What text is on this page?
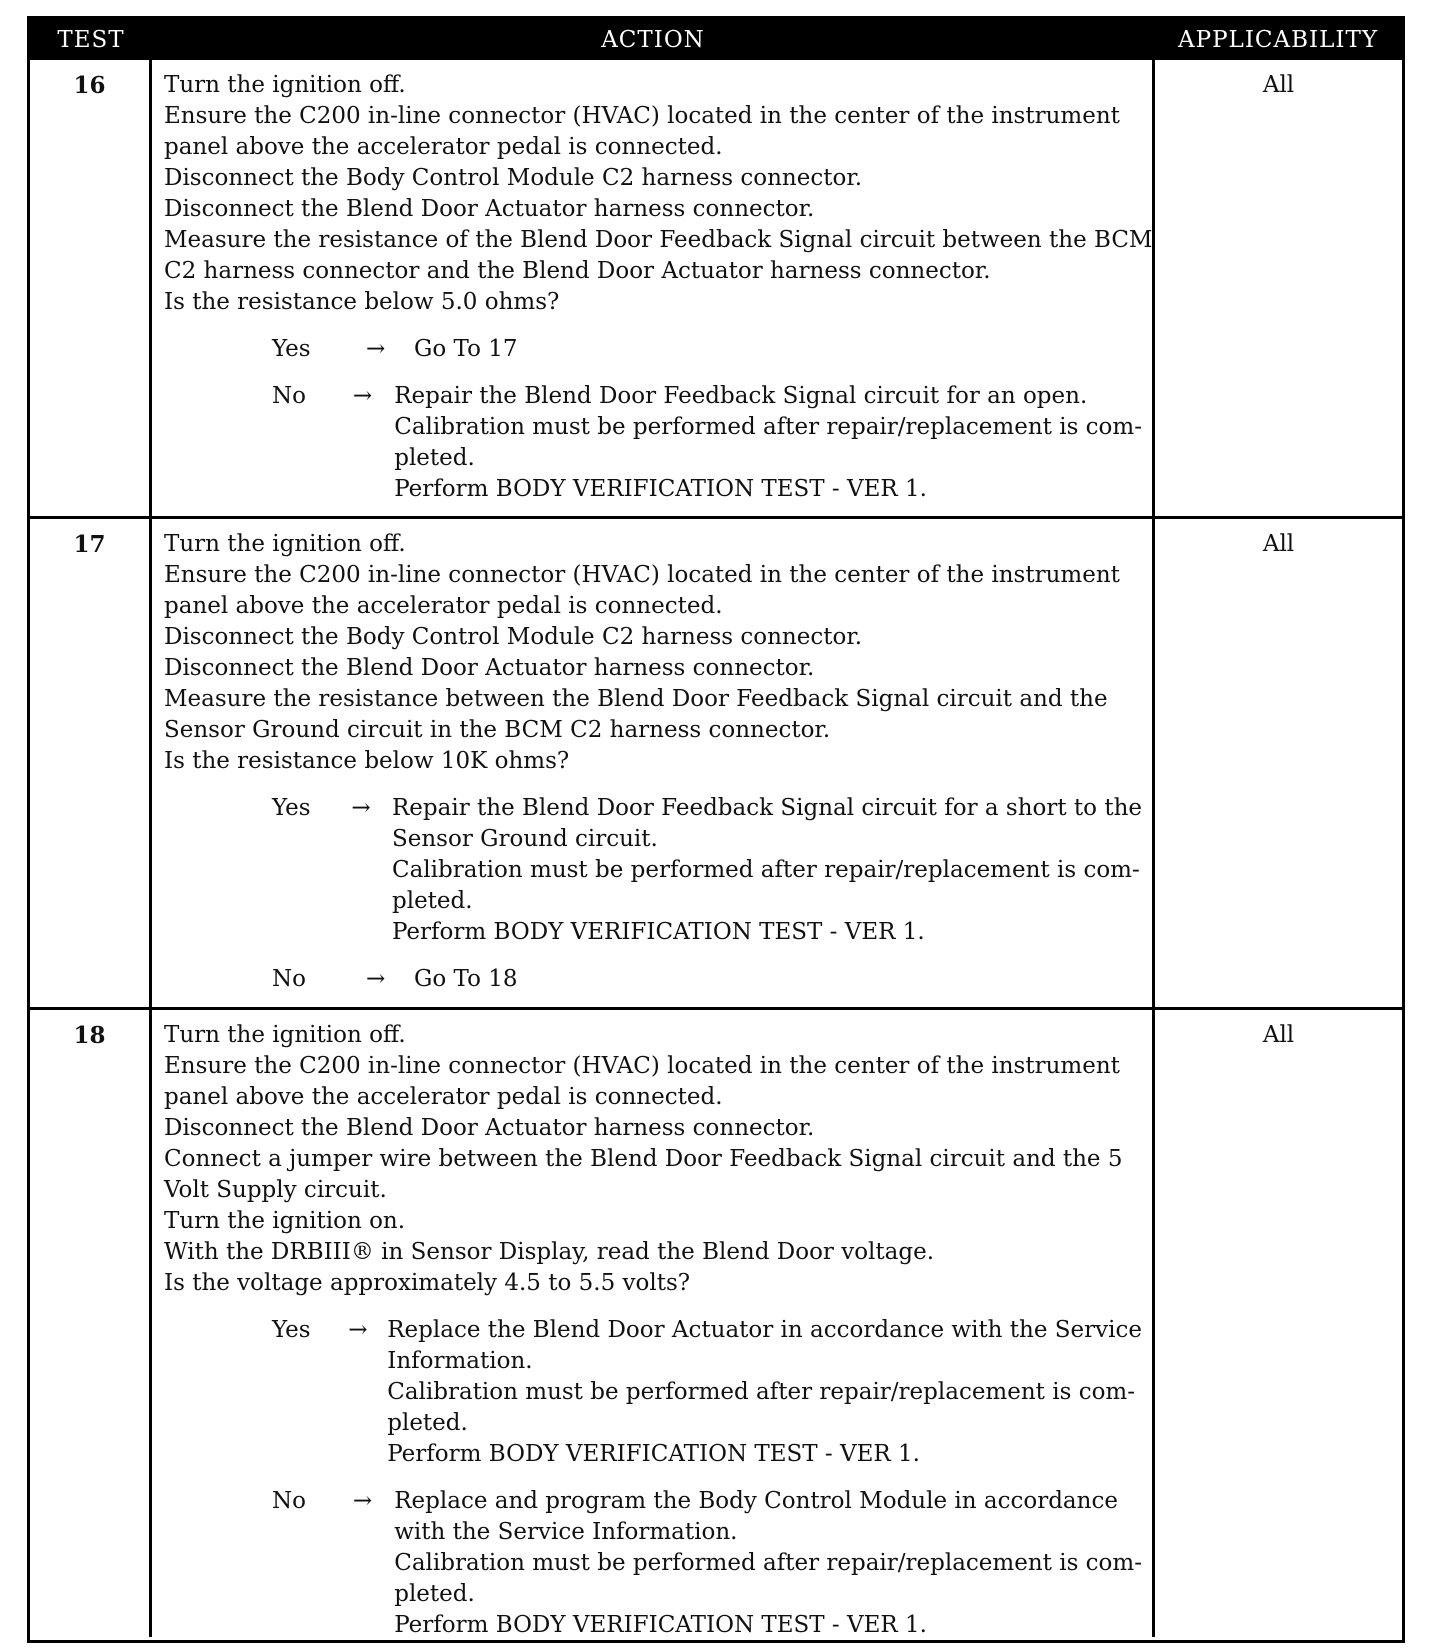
TEST	ACTION	APPLICABILITY
16	Turn the ignition off.
Ensure the C200 in-line connector (HVAC) located in the center of the instrument
panel above the accelerator pedal is connected.
Disconnect the Body Control Module C2 harness connector.
Disconnect the Blend Door Actuator harness connector.
Measure the resistance of the Blend Door Feedback Signal circuit between the BCM
C2 harness connector and the Blend Door Actuator harness connector.
Is the resistance below 5.0 ohms?
Yes	→	Go To 17
No	→ Repair the Blend Door Feedback Signal circuit for an open.
Calibration must be performed after repair/replacement is com-
pleted.
Perform BODY VERIFICATION TEST - VER 1.
All
17	Turn the ignition off.
Ensure the C200 in-line connector (HVAC) located in the center of the instrument
panel above the accelerator pedal is connected.
Disconnect the Body Control Module C2 harness connector.
Disconnect the Blend Door Actuator harness connector.
Measure the resistance between the Blend Door Feedback Signal circuit and the
Sensor Ground circuit in the BCM C2 harness connector.
Is the resistance below 10K ohms?
Yes	→ Repair the Blend Door Feedback Signal circuit for a short to the
Sensor Ground circuit.
Calibration must be performed after repair/replacement is com-
pleted.
Perform BODY VERIFICATION TEST - VER 1.
No	→	Go To 18
All
18	Turn the ignition off.
Ensure the C200 in-line connector (HVAC) located in the center of the instrument
panel above the accelerator pedal is connected.
Disconnect the Blend Door Actuator harness connector.
Connect a jumper wire between the Blend Door Feedback Signal circuit and the 5
Volt Supply circuit.
Turn the ignition on.
With the DRBIII® in Sensor Display, read the Blend Door voltage.
Is the voltage approximately 4.5 to 5.5 volts?
Yes	→ Replace the Blend Door Actuator in accordance with the Service
Information.
Calibration must be performed after repair/replacement is com-
pleted.
Perform BODY VERIFICATION TEST - VER 1.
No	→ Replace and program the Body Control Module in accordance
with the Service Information.
Calibration must be performed after repair/replacement is com-
pleted.
Perform BODY VERIFICATION TEST - VER 1.
All
